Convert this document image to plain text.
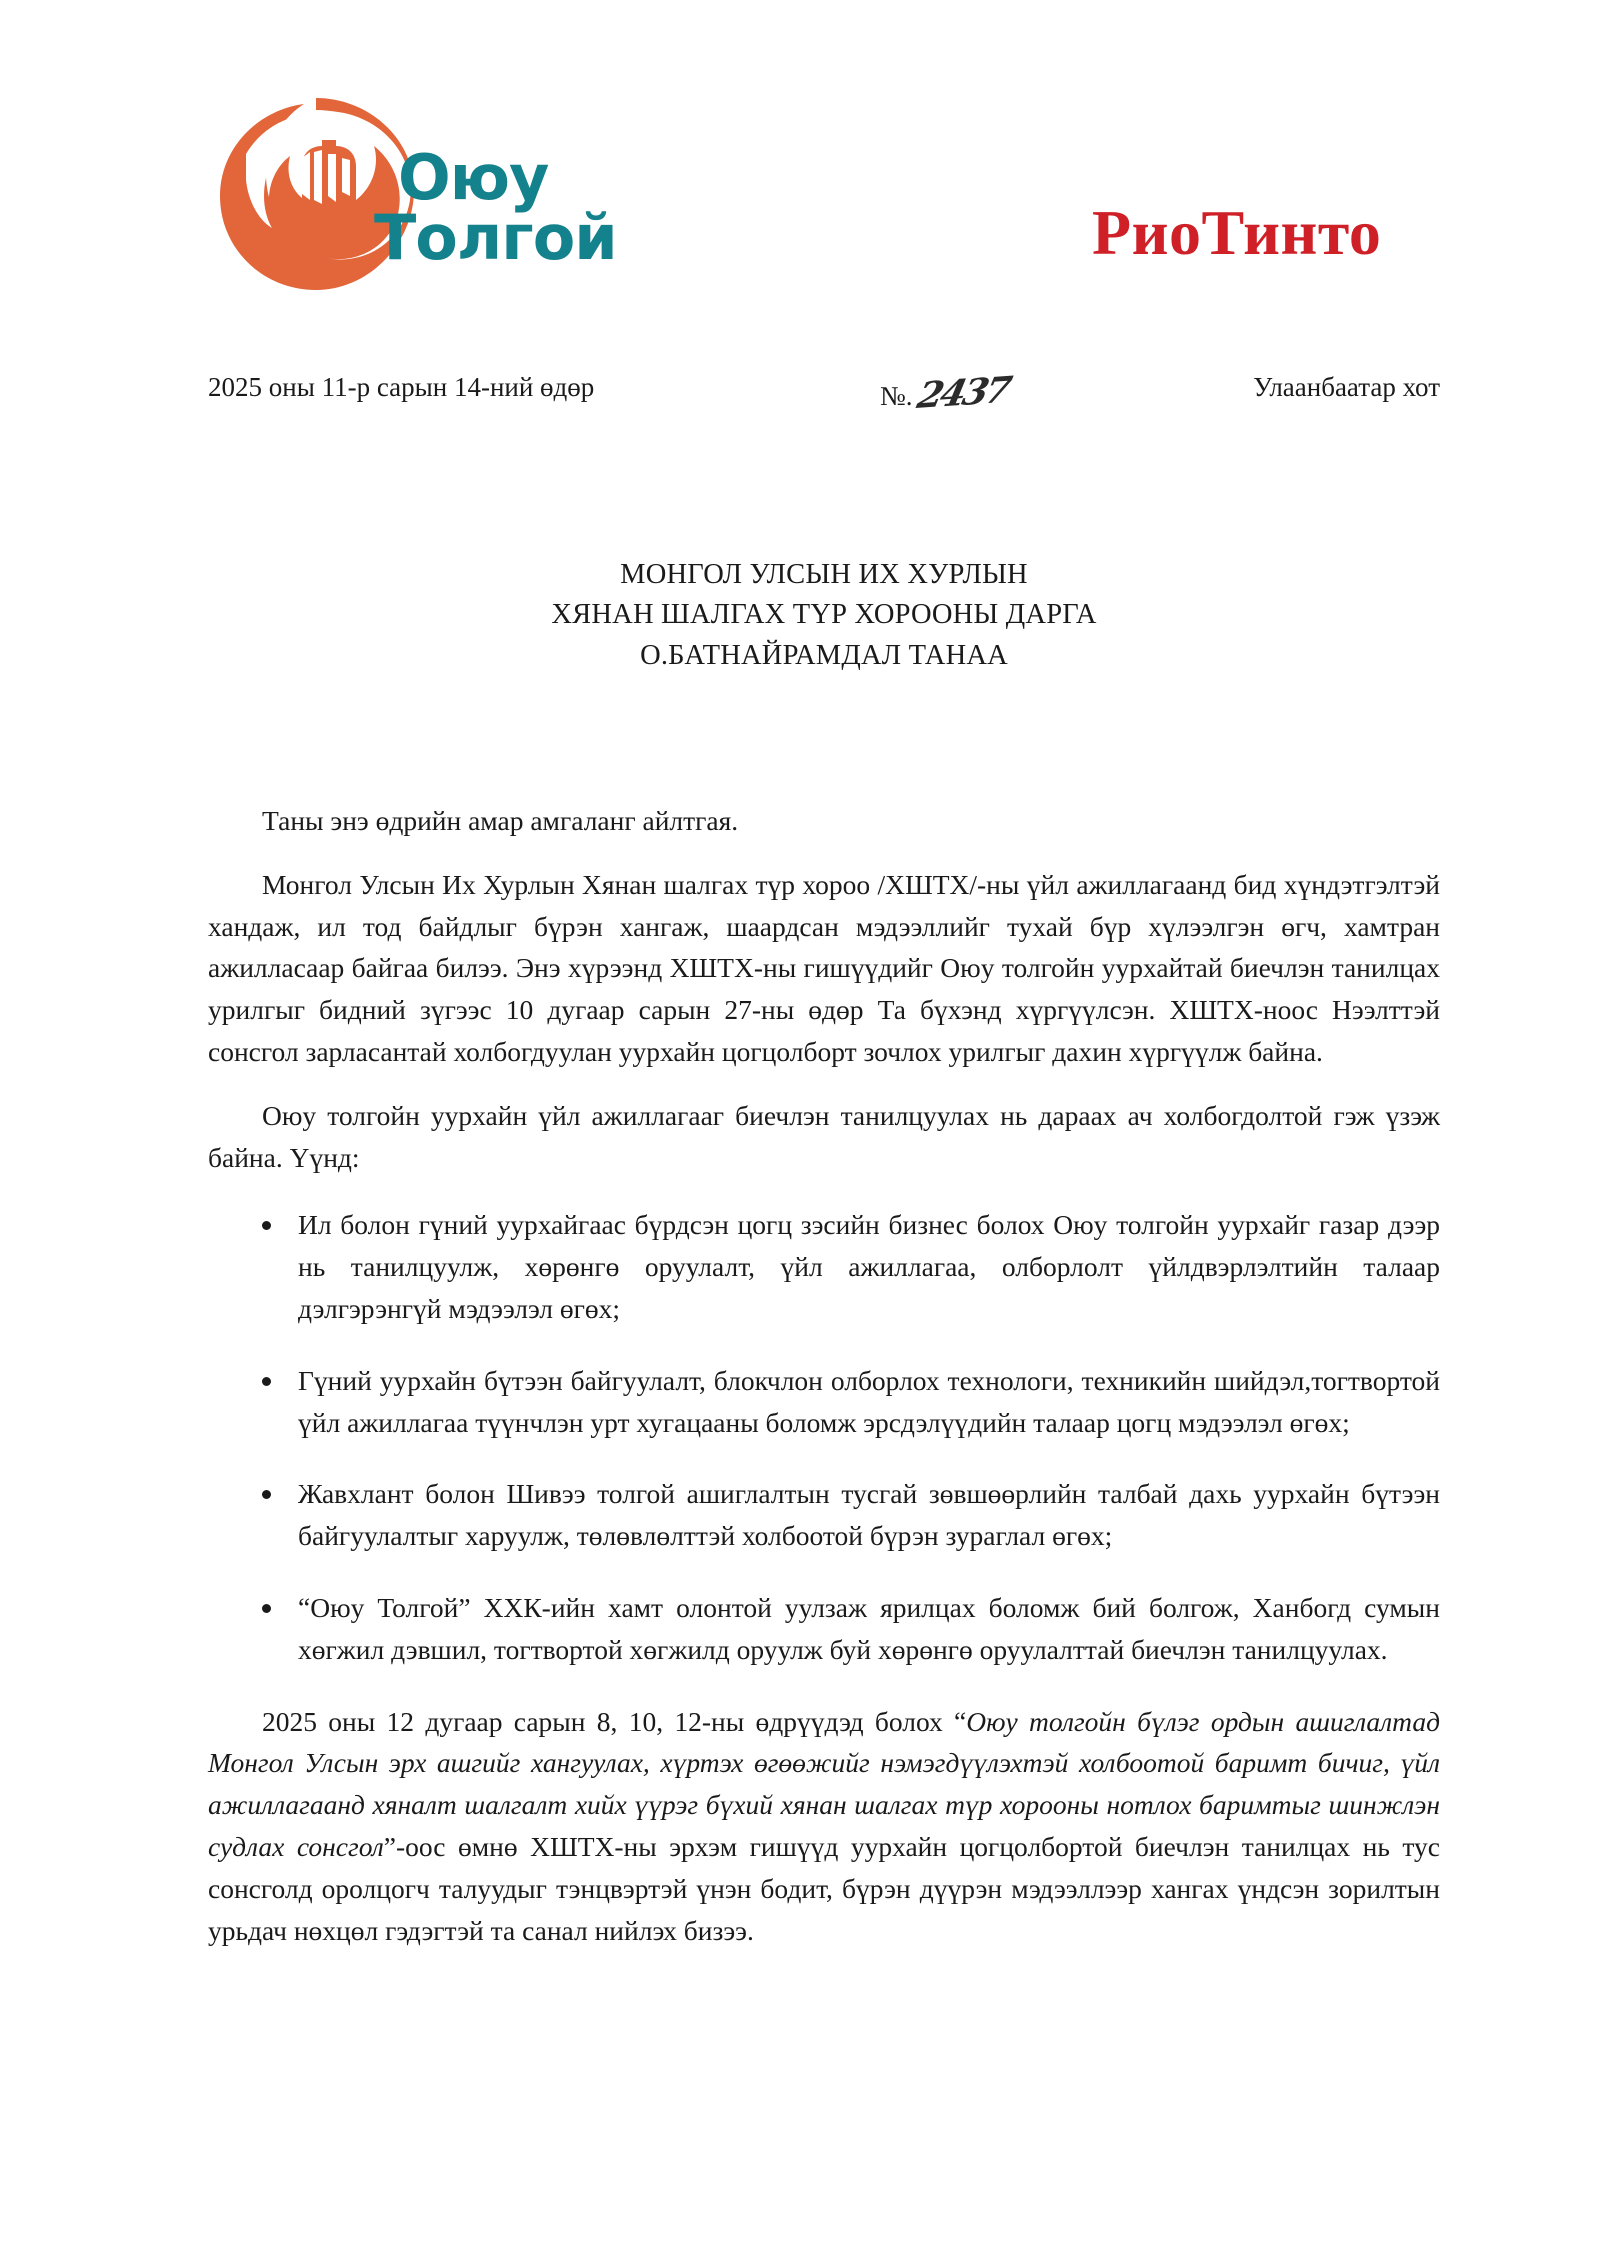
Оюу
Толгой	РиоТинто
2025 оны 11-р сарын 14-ний өдөр	№.2437	Улаанбаатар хот
МОНГОЛ УЛСЫН ИХ ХУРЛЫН
ХЯНАН ШАЛГАХ ТҮР ХОРООНЫ ДАРГА
О.БАТНАЙРАМДАЛ ТАНАА

Таны энэ өдрийн амар амгаланг айлтгая.

Монгол Улсын Их Хурлын Хянан шалгах түр хороо /ХШТХ/-ны үйл ажиллагаанд бид хүндэтгэлтэй хандаж, ил тод байдлыг бүрэн хангаж, шаардсан мэдээллийг тухай бүр хүлээлгэн өгч, хамтран ажилласаар байгаа билээ. Энэ хүрээнд ХШТХ-ны гишүүдийг Оюу толгойн уурхайтай биечлэн танилцах урилгыг бидний зүгээс 10 дугаар сарын 27-ны өдөр Та бүхэнд хүргүүлсэн. ХШТХ-ноос Нээлттэй сонсгол зарласантай холбогдуулан уурхайн цогцолборт зочлох урилгыг дахин хүргүүлж байна.

Оюу толгойн уурхайн үйл ажиллагааг биечлэн танилцуулах нь дараах ач холбогдолтой гэж үзэж байна. Үүнд:

Ил болон гүний уурхайгаас бүрдсэн цогц зэсийн бизнес болох Оюу толгойн уурхайг газар дээр нь танилцуулж, хөрөнгө оруулалт, үйл ажиллагаа, олборлолт үйлдвэрлэлтийн талаар дэлгэрэнгүй мэдээлэл өгөх;
Гүний уурхайн бүтээн байгуулалт, блокчлон олборлох технологи, техникийн шийдэл,тогтвортой үйл ажиллагаа түүнчлэн урт хугацааны боломж эрсдэлүүдийн талаар цогц мэдээлэл өгөх;
Жавхлант болон Шивээ толгой ашиглалтын тусгай зөвшөөрлийн талбай дахь уурхайн бүтээн байгуулалтыг харуулж, төлөвлөлттэй холбоотой бүрэн зураглал өгөх;
“Оюу Толгой” ХХК-ийн хамт олонтой уулзаж ярилцах боломж бий болгож, Ханбогд сумын хөгжил дэвшил, тогтвортой хөгжилд оруулж буй хөрөнгө оруулалттай биечлэн танилцуулах.

2025 оны 12 дугаар сарын 8, 10, 12-ны өдрүүдэд болох “Оюу толгойн бүлэг ордын ашиглалтад Монгол Улсын эрх ашгийг хангуулах, хүртэх өгөөжийг нэмэгдүүлэхтэй холбоотой баримт бичиг, үйл ажиллагаанд хяналт шалгалт хийх үүрэг бүхий хянан шалгах түр хорооны нотлох баримтыг шинжлэн судлах сонсгол”-оос өмнө ХШТХ-ны эрхэм гишүүд уурхайн цогцолбортой биечлэн танилцах нь тус сонсголд оролцогч талуудыг тэнцвэртэй үнэн бодит, бүрэн дүүрэн мэдээллээр хангах үндсэн зорилтын урьдач нөхцөл гэдэгтэй та санал нийлэх бизээ.
